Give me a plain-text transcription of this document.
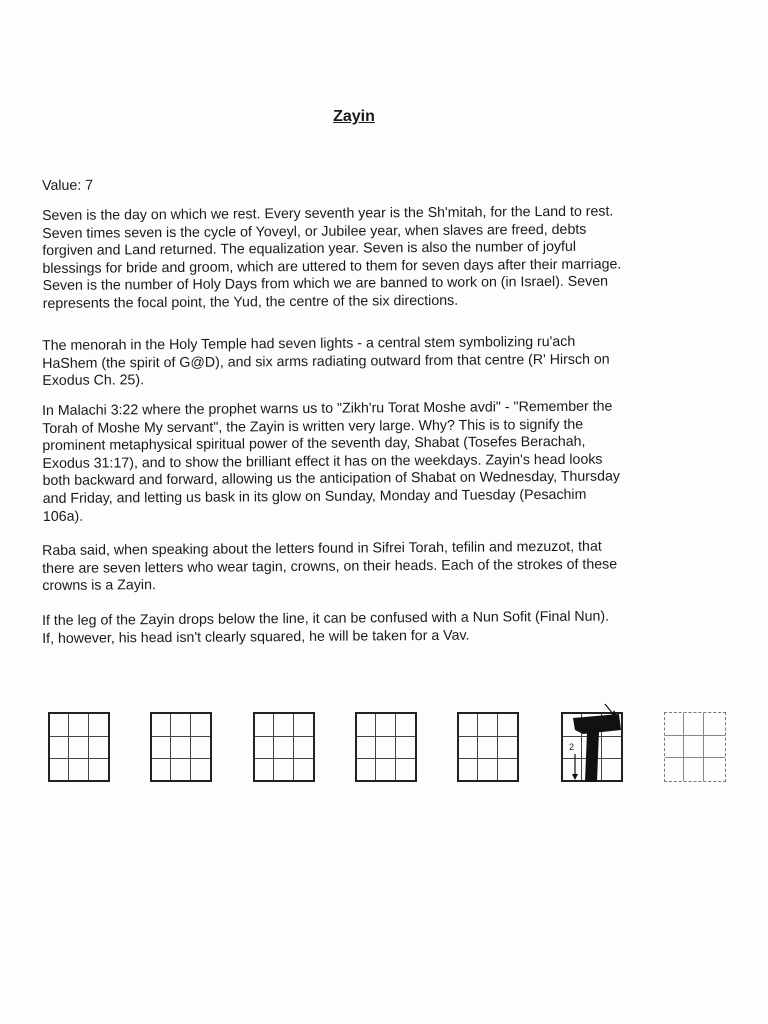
Zayin
Value: 7
Seven is the day on which we rest. Every seventh year is the Sh'mitah, for the Land to rest.
Seven times seven is the cycle of Yoveyl, or Jubilee year, when slaves are freed, debts
forgiven and Land returned. The equalization year. Seven is also the number of joyful
blessings for bride and groom, which are uttered to them for seven days after their marriage.
Seven is the number of Holy Days from which we are banned to work on (in Israel). Seven
represents the focal point, the Yud, the centre of the six directions.
The menorah in the Holy Temple had seven lights - a central stem symbolizing ru'ach
HaShem (the spirit of G@D), and six arms radiating outward from that centre (R' Hirsch on
Exodus Ch. 25).
In Malachi 3:22 where the prophet warns us to "Zikh'ru Torat Moshe avdi" - "Remember the
Torah of Moshe My servant", the Zayin is written very large. Why? This is to signify the
prominent metaphysical spiritual power of the seventh day, Shabat (Tosefes Berachah,
Exodus 31:17), and to show the brilliant effect it has on the weekdays. Zayin's head looks
both backward and forward, allowing us the anticipation of Shabat on Wednesday, Thursday
and Friday, and letting us bask in its glow on Sunday, Monday and Tuesday (Pesachim
106a).
Raba said, when speaking about the letters found in Sifrei Torah, tefilin and mezuzot, that
there are seven letters who wear tagin, crowns, on their heads. Each of the strokes of these
crowns is a Zayin.
If the leg of the Zayin drops below the line, it can be confused with a Nun Sofit (Final Nun).
If, however, his head isn't clearly squared, he will be taken for a Vav.
2
